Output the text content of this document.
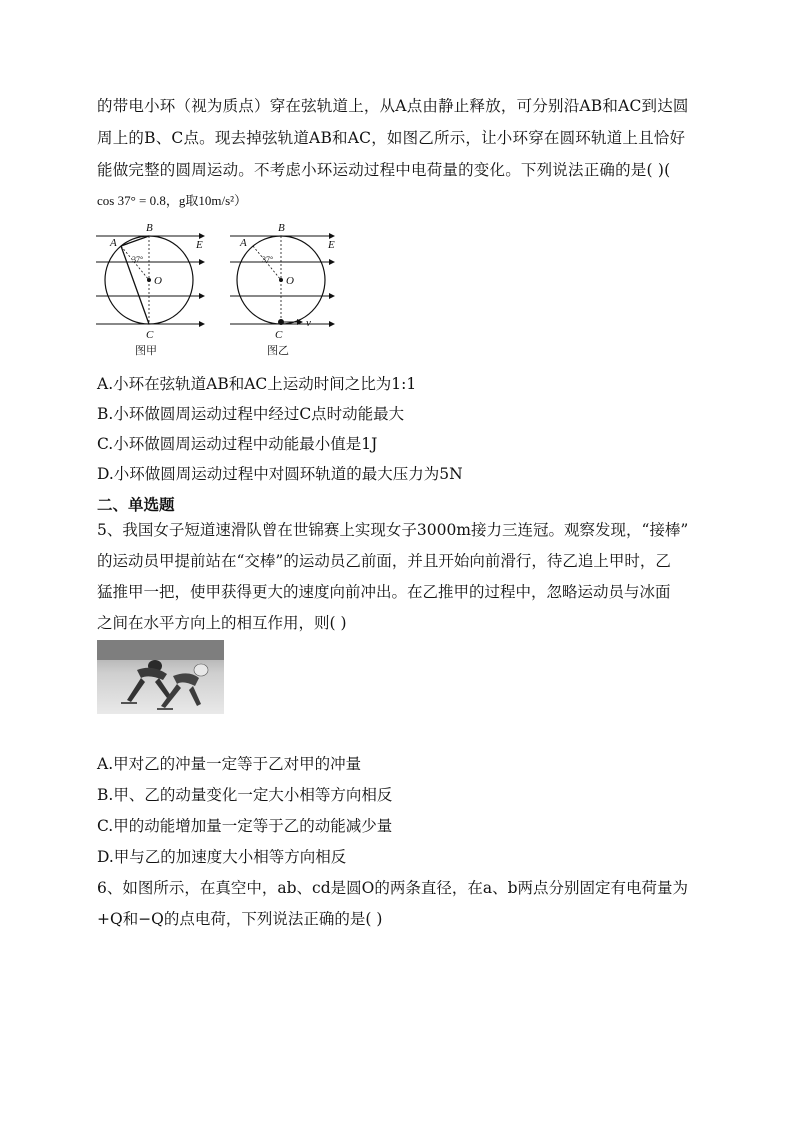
的带电小环（视为质点）穿在弦轨道上，从A点由静止释放，可分别沿AB和AC到达圆
周上的B、C点。现去掉弦轨道AB和AC，如图乙所示，让小环穿在圆环轨道上且恰好
能做完整的圆周运动。不考虑小环运动过程中电荷量的变化。下列说法正确的是( )(
cos 37° = 0.8，g取10m/s²）
A
B
C
E
O
37°
图甲
A
B
C
E
O
v
37°
图乙
A.小环在弦轨道AB和AC上运动时间之比为1:1
B.小环做圆周运动过程中经过C点时动能最大
C.小环做圆周运动过程中动能最小值是1J
D.小环做圆周运动过程中对圆环轨道的最大压力为5N
二、单选题
5、我国女子短道速滑队曾在世锦赛上实现女子3000m接力三连冠。观察发现，“接棒”
的运动员甲提前站在“交棒”的运动员乙前面，并且开始向前滑行，待乙追上甲时，乙
猛推甲一把，使甲获得更大的速度向前冲出。在乙推甲的过程中，忽略运动员与冰面
之间在水平方向上的相互作用，则( )
A.甲对乙的冲量一定等于乙对甲的冲量
B.甲、乙的动量变化一定大小相等方向相反
C.甲的动能增加量一定等于乙的动能减少量
D.甲与乙的加速度大小相等方向相反
6、如图所示，在真空中，ab、cd是圆O的两条直径，在a、b两点分别固定有电荷量为
+Q和−Q的点电荷，下列说法正确的是( )
